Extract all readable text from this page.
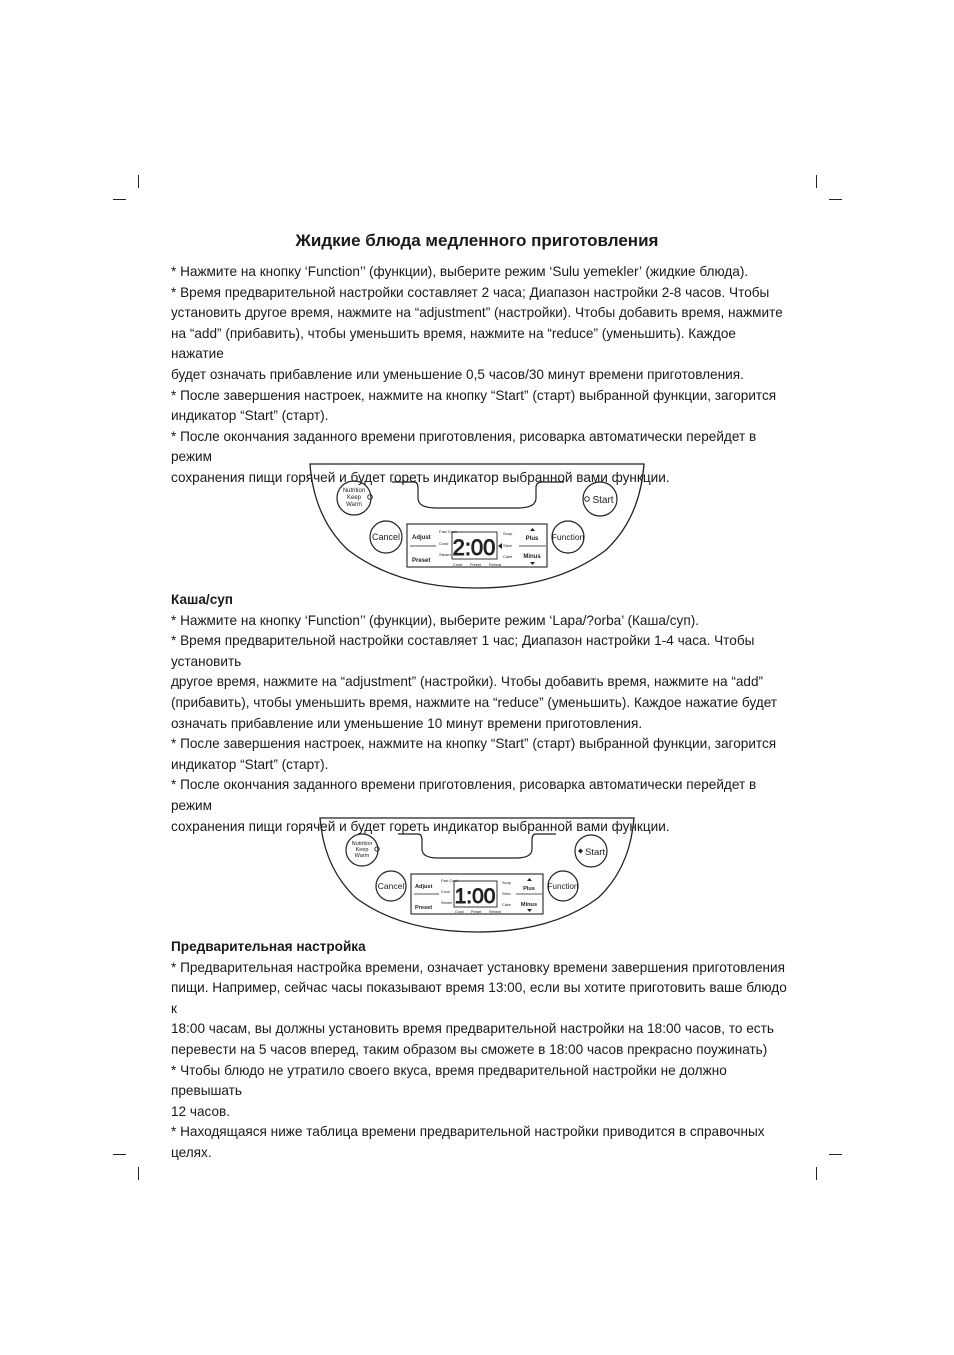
Жидкие блюда медленного приготовления

* Нажмите на кнопку ‘Function’’ (функции), выберите режим ‘Sulu yemekler’ (жидкие блюда).

* Время предварительной настройки составляет 2 часа; Диапазон настройки 2-8 часов. Чтобы

установить другое время, нажмите на “adjustment” (настройки). Чтобы добавить время, нажмите

на “add” (прибавить), чтобы уменьшить время, нажмите на “reduce” (уменьшить). Каждое нажатие

будет означать прибавление или уменьшение 0,5 часов/30 минут времени приготовления.

* После завершения настроек, нажмите на кнопку “Start” (старт) выбранной функции, загорится

индикатор “Start” (старт).

* После окончания заданного времени приготовления, рисоварка автоматически перейдет в режим

сохранения пищи горячей и будет гореть индикатор выбранной вами функции.

Nutrition
Keep
Warm	Start
Cancel	Function
Adjust
Preset
Fast Cook
Cook
Steam 2:00
Soup
Stew
Cake
Crust Preset Reheat
Plus
Minus

Каша/суп

* Нажмите на кнопку ‘Function’’ (функции), выберите режим ‘Lapa/?orba’ (Каша/суп).

* Время предварительной настройки составляет 1 час; Диапазон настройки 1-4 часа. Чтобы установить

другое время, нажмите на “adjustment” (настройки). Чтобы добавить время, нажмите на “add”

(прибавить), чтобы уменьшить время, нажмите на “reduce” (уменьшить). Каждое нажатие будет

означать прибавление или уменьшение 10 минут времени приготовления.

* После завершения настроек, нажмите на кнопку “Start” (старт) выбранной функции, загорится

индикатор “Start” (старт).

* После окончания заданного времени приготовления, рисоварка автоматически перейдет в режим

сохранения пищи горячей и будет гореть индикатор выбранной вами функции.

Nutrition
Keep
Warm	Start
Cancel	Function
Adjust
Preset
Fast Cook
Cook
Steam 1:00
Soup
Stew
Cake
Crust Preset Reheat
Plus
Minus

Предварительная настройка

* Предварительная настройка времени, означает установку времени завершения приготовления

пищи. Например, сейчас часы показывают время 13:00, если вы хотите приготовить ваше блюдо к

18:00 часам, вы должны установить время предварительной настройки на 18:00 часов, то есть

перевести на 5 часов вперед, таким образом вы сможете в 18:00 часов прекрасно поужинать)

* Чтобы блюдо не утратило своего вкуса, время предварительной настройки не должно превышать

12 часов.

* Находящаяся ниже таблица времени предварительной настройки приводится в справочных целях.
